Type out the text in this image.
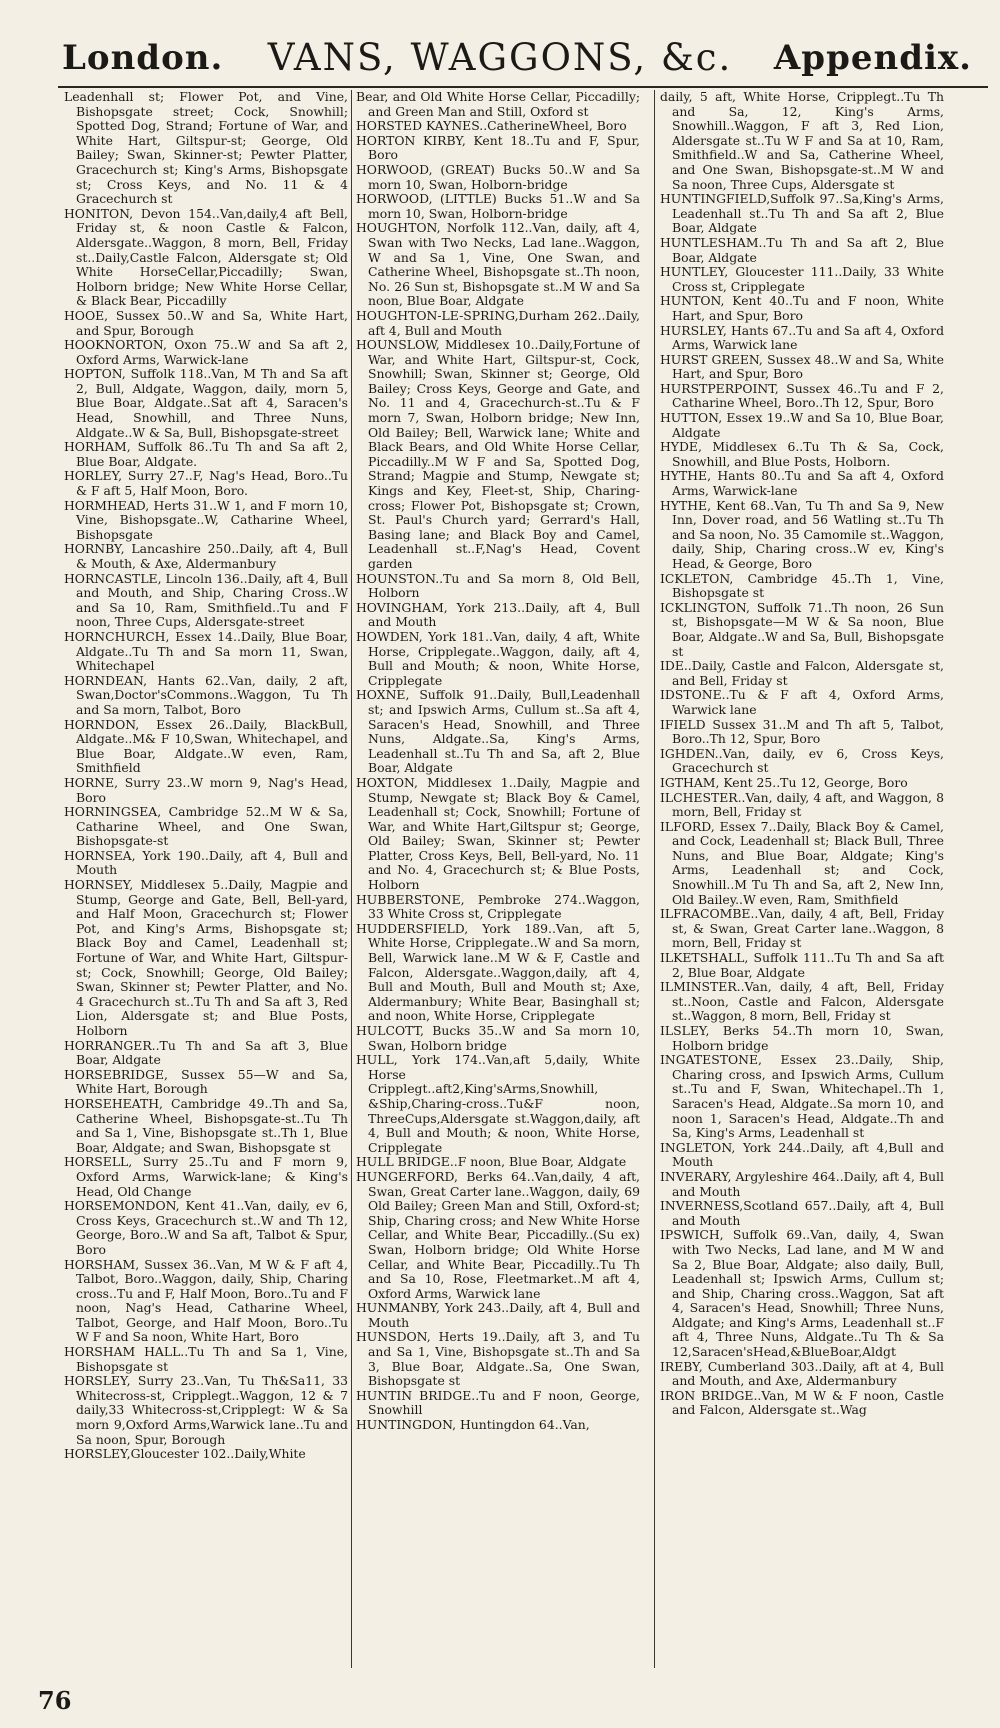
London.	VANS, WAGGONS, &c.	Appendix.

Leadenhall st; Flower Pot, and Vine, Bishopsgate street; Cock, Snowhill; Spotted Dog, Strand; Fortune of War, and White Hart, Giltspur-st; George, Old Bailey; Swan, Skinner-st; Pewter Platter, Gracechurch st; King's Arms, Bishopsgate st; Cross Keys, and No. 11 & 4 Gracechurch st

HONITON, Devon 154..Van,daily,4 aft Bell, Friday st, & noon Castle & Falcon, Aldersgate..Waggon, 8 morn, Bell, Friday st..Daily,Castle Falcon, Aldersgate st; Old White HorseCellar,Piccadilly; Swan, Holborn bridge; New White Horse Cellar, & Black Bear, Piccadilly

HOOE, Sussex 50..W and Sa, White Hart, and Spur, Borough

HOOKNORTON, Oxon 75..W and Sa aft 2, Oxford Arms, Warwick-lane

HOPTON, Suffolk 118..Van, M Th and Sa aft 2, Bull, Aldgate, Waggon, daily, morn 5, Blue Boar, Aldgate..Sat aft 4, Saracen's Head, Snowhill, and Three Nuns, Aldgate..W & Sa, Bull, Bishopsgate-street

HORHAM, Suffolk 86..Tu Th and Sa aft 2, Blue Boar, Aldgate.

HORLEY, Surry 27..F, Nag's Head, Boro..Tu & F aft 5, Half Moon, Boro.

HORMHEAD, Herts 31..W 1, and F morn 10, Vine, Bishopsgate..W, Catharine Wheel, Bishopsgate

HORNBY, Lancashire 250..Daily, aft 4, Bull & Mouth, & Axe, Aldermanbury

HORNCASTLE, Lincoln 136..Daily, aft 4, Bull and Mouth, and Ship, Charing Cross..W and Sa 10, Ram, Smithfield..Tu and F noon, Three Cups, Aldersgate-street

HORNCHURCH, Essex 14..Daily, Blue Boar, Aldgate..Tu Th and Sa morn 11, Swan, Whitechapel

HORNDEAN, Hants 62..Van, daily, 2 aft, Swan,Doctor'sCommons..Waggon, Tu Th and Sa morn, Talbot, Boro

HORNDON, Essex 26..Daily, BlackBull, Aldgate..M& F 10,Swan, Whitechapel, and Blue Boar, Aldgate..W even, Ram, Smithfield

HORNE, Surry 23..W morn 9, Nag's Head, Boro

HORNINGSEA, Cambridge 52..M W & Sa, Catharine Wheel, and One Swan, Bishopsgate-st

HORNSEA, York 190..Daily, aft 4, Bull and Mouth

HORNSEY, Middlesex 5..Daily, Magpie and Stump, George and Gate, Bell, Bell-yard, and Half Moon, Gracechurch st; Flower Pot, and King's Arms, Bishopsgate st; Black Boy and Camel, Leadenhall st; Fortune of War, and White Hart, Giltspur-st; Cock, Snowhill; George, Old Bailey; Swan, Skinner st; Pewter Platter, and No. 4 Gracechurch st..Tu Th and Sa aft 3, Red Lion, Aldersgate st; and Blue Posts, Holborn

HORRANGER..Tu Th and Sa aft 3, Blue Boar, Aldgate

HORSEBRIDGE, Sussex 55—W and Sa, White Hart, Borough

HORSEHEATH, Cambridge 49..Th and Sa, Catherine Wheel, Bishopsgate-st..Tu Th and Sa 1, Vine, Bishopsgate st..Th 1, Blue Boar, Aldgate; and Swan, Bishopsgate st

HORSELL, Surry 25..Tu and F morn 9, Oxford Arms, Warwick-lane; & King's Head, Old Change

HORSEMONDON, Kent 41..Van, daily, ev 6, Cross Keys, Gracechurch st..W and Th 12, George, Boro..W and Sa aft, Talbot & Spur, Boro

HORSHAM, Sussex 36..Van, M W & F aft 4, Talbot, Boro..Waggon, daily, Ship, Charing cross..Tu and F, Half Moon, Boro..Tu and F noon, Nag's Head, Catharine Wheel, Talbot, George, and Half Moon, Boro..Tu W F and Sa noon, White Hart, Boro

HORSHAM HALL..Tu Th and Sa 1, Vine, Bishopsgate st

HORSLEY, Surry 23..Van, Tu Th&Sa11, 33 Whitecross-st, Cripplegt..Waggon, 12 & 7 daily,33 Whitecross-st,Cripplegt: W & Sa morn 9,Oxford Arms,Warwick lane..Tu and Sa noon, Spur, Borough

HORSLEY,Gloucester 102..Daily,White

Bear, and Old White Horse Cellar, Piccadilly; and Green Man and Still, Oxford st

HORSTED KAYNES..CatherineWheel, Boro

HORTON KIRBY, Kent 18..Tu and F, Spur, Boro

HORWOOD, (GREAT) Bucks 50..W and Sa morn 10, Swan, Holborn-bridge

HORWOOD, (LITTLE) Bucks 51..W and Sa morn 10, Swan, Holborn-bridge

HOUGHTON, Norfolk 112..Van, daily, aft 4, Swan with Two Necks, Lad lane..Waggon, W and Sa 1, Vine, One Swan, and Catherine Wheel, Bishopsgate st..Th noon, No. 26 Sun st, Bishopsgate st..M W and Sa noon, Blue Boar, Aldgate

HOUGHTON-LE-SPRING,Durham 262..Daily, aft 4, Bull and Mouth

HOUNSLOW, Middlesex 10..Daily,Fortune of War, and White Hart, Giltspur-st, Cock, Snowhill; Swan, Skinner st; George, Old Bailey; Cross Keys, George and Gate, and No. 11 and 4, Gracechurch-st..Tu & F morn 7, Swan, Holborn bridge; New Inn, Old Bailey; Bell, Warwick lane; White and Black Bears, and Old White Horse Cellar, Piccadilly..M W F and Sa, Spotted Dog, Strand; Magpie and Stump, Newgate st; Kings and Key, Fleet-st, Ship, Charing-cross; Flower Pot, Bishopsgate st; Crown, St. Paul's Church yard; Gerrard's Hall, Basing lane; and Black Boy and Camel, Leadenhall st..F,Nag's Head, Covent garden

HOUNSTON..Tu and Sa morn 8, Old Bell, Holborn

HOVINGHAM, York 213..Daily, aft 4, Bull and Mouth

HOWDEN, York 181..Van, daily, 4 aft, White Horse, Cripplegate..Waggon, daily, aft 4, Bull and Mouth; & noon, White Horse, Cripplegate

HOXNE, Suffolk 91..Daily, Bull,Leadenhall st; and Ipswich Arms, Cullum st..Sa aft 4, Saracen's Head, Snowhill, and Three Nuns, Aldgate..Sa, King's Arms, Leadenhall st..Tu Th and Sa, aft 2, Blue Boar, Aldgate

HOXTON, Middlesex 1..Daily, Magpie and Stump, Newgate st; Black Boy & Camel, Leadenhall st; Cock, Snowhill; Fortune of War, and White Hart,Giltspur st; George, Old Bailey; Swan, Skinner st; Pewter Platter, Cross Keys, Bell, Bell-yard, No. 11 and No. 4, Gracechurch st; & Blue Posts, Holborn

HUBBERSTONE, Pembroke 274..Waggon, 33 White Cross st, Cripplegate

HUDDERSFIELD, York 189..Van, aft 5, White Horse, Cripplegate..W and Sa morn, Bell, Warwick lane..M W & F, Castle and Falcon, Aldersgate..Waggon,daily, aft 4, Bull and Mouth, Bull and Mouth st; Axe, Aldermanbury; White Bear, Basinghall st; and noon, White Horse, Cripplegate

HULCOTT, Bucks 35..W and Sa morn 10, Swan, Holborn bridge

HULL, York 174..Van,aft 5,daily, White Horse Cripplegt..aft2,King'sArms,Snowhill, &Ship,Charing-cross..Tu&F noon, ThreeCups,Aldersgate st.Waggon,daily, aft 4, Bull and Mouth; & noon, White Horse, Cripplegate

HULL BRIDGE..F noon, Blue Boar, Aldgate

HUNGERFORD, Berks 64..Van,daily, 4 aft, Swan, Great Carter lane..Waggon, daily, 69 Old Bailey; Green Man and Still, Oxford-st; Ship, Charing cross; and New White Horse Cellar, and White Bear, Piccadilly..(Su ex) Swan, Holborn bridge; Old White Horse Cellar, and White Bear, Piccadilly..Tu Th and Sa 10, Rose, Fleetmarket..M aft 4, Oxford Arms, Warwick lane

HUNMANBY, York 243..Daily, aft 4, Bull and Mouth

HUNSDON, Herts 19..Daily, aft 3, and Tu and Sa 1, Vine, Bishopsgate st..Th and Sa 3, Blue Boar, Aldgate..Sa, One Swan, Bishopsgate st

HUNTIN BRIDGE..Tu and F noon, George, Snowhill

HUNTINGDON, Huntingdon 64..Van,

daily, 5 aft, White Horse, Cripplegt..Tu Th and Sa, 12, King's Arms, Snowhill..Waggon, F aft 3, Red Lion, Aldersgate st..Tu W F and Sa at 10, Ram, Smithfield..W and Sa, Catherine Wheel, and One Swan, Bishopsgate-st..M W and Sa noon, Three Cups, Aldersgate st

HUNTINGFIELD,Suffolk 97..Sa,King's Arms, Leadenhall st..Tu Th and Sa aft 2, Blue Boar, Aldgate

HUNTLESHAM..Tu Th and Sa aft 2, Blue Boar, Aldgate

HUNTLEY, Gloucester 111..Daily, 33 White Cross st, Cripplegate

HUNTON, Kent 40..Tu and F noon, White Hart, and Spur, Boro

HURSLEY, Hants 67..Tu and Sa aft 4, Oxford Arms, Warwick lane

HURST GREEN, Sussex 48..W and Sa, White Hart, and Spur, Boro

HURSTPERPOINT, Sussex 46..Tu and F 2, Catharine Wheel, Boro..Th 12, Spur, Boro

HUTTON, Essex 19..W and Sa 10, Blue Boar, Aldgate

HYDE, Middlesex 6..Tu Th & Sa, Cock, Snowhill, and Blue Posts, Holborn.

HYTHE, Hants 80..Tu and Sa aft 4, Oxford Arms, Warwick-lane

HYTHE, Kent 68..Van, Tu Th and Sa 9, New Inn, Dover road, and 56 Watling st..Tu Th and Sa noon, No. 35 Camomile st..Waggon, daily, Ship, Charing cross..W ev, King's Head, & George, Boro

ICKLETON, Cambridge 45..Th 1, Vine, Bishopsgate st

ICKLINGTON, Suffolk 71..Th noon, 26 Sun st, Bishopsgate—M W & Sa noon, Blue Boar, Aldgate..W and Sa, Bull, Bishopsgate st

IDE..Daily, Castle and Falcon, Aldersgate st, and Bell, Friday st

IDSTONE..Tu & F aft 4, Oxford Arms, Warwick lane

IFIELD Sussex 31..M and Th aft 5, Talbot, Boro..Th 12, Spur, Boro

IGHDEN..Van, daily, ev 6, Cross Keys, Gracechurch st

IGTHAM, Kent 25..Tu 12, George, Boro

ILCHESTER..Van, daily, 4 aft, and Waggon, 8 morn, Bell, Friday st

ILFORD, Essex 7..Daily, Black Boy & Camel, and Cock, Leadenhall st; Black Bull, Three Nuns, and Blue Boar, Aldgate; King's Arms, Leadenhall st; and Cock, Snowhill..M Tu Th and Sa, aft 2, New Inn, Old Bailey..W even, Ram, Smithfield

ILFRACOMBE..Van, daily, 4 aft, Bell, Friday st, & Swan, Great Carter lane..Waggon, 8 morn, Bell, Friday st

ILKETSHALL, Suffolk 111..Tu Th and Sa aft 2, Blue Boar, Aldgate

ILMINSTER..Van, daily, 4 aft, Bell, Friday st..Noon, Castle and Falcon, Aldersgate st..Waggon, 8 morn, Bell, Friday st

ILSLEY, Berks 54..Th morn 10, Swan, Holborn bridge

INGATESTONE, Essex 23..Daily, Ship, Charing cross, and Ipswich Arms, Cullum st..Tu and F, Swan, Whitechapel..Th 1, Saracen's Head, Aldgate..Sa morn 10, and noon 1, Saracen's Head, Aldgate..Th and Sa, King's Arms, Leadenhall st

INGLETON, York 244..Daily, aft 4,Bull and Mouth

INVERARY, Argyleshire 464..Daily, aft 4, Bull and Mouth

INVERNESS,Scotland 657..Daily, aft 4, Bull and Mouth

IPSWICH, Suffolk 69..Van, daily, 4, Swan with Two Necks, Lad lane, and M W and Sa 2, Blue Boar, Aldgate; also daily, Bull, Leadenhall st; Ipswich Arms, Cullum st; and Ship, Charing cross..Waggon, Sat aft 4, Saracen's Head, Snowhill; Three Nuns, Aldgate; and King's Arms, Leadenhall st..F aft 4, Three Nuns, Aldgate..Tu Th & Sa 12,Saracen'sHead,&BlueBoar,Aldgt

IREBY, Cumberland 303..Daily, aft at 4, Bull and Mouth, and Axe, Aldermanbury

IRON BRIDGE..Van, M W & F noon, Castle and Falcon, Aldersgate st..Wag

76
